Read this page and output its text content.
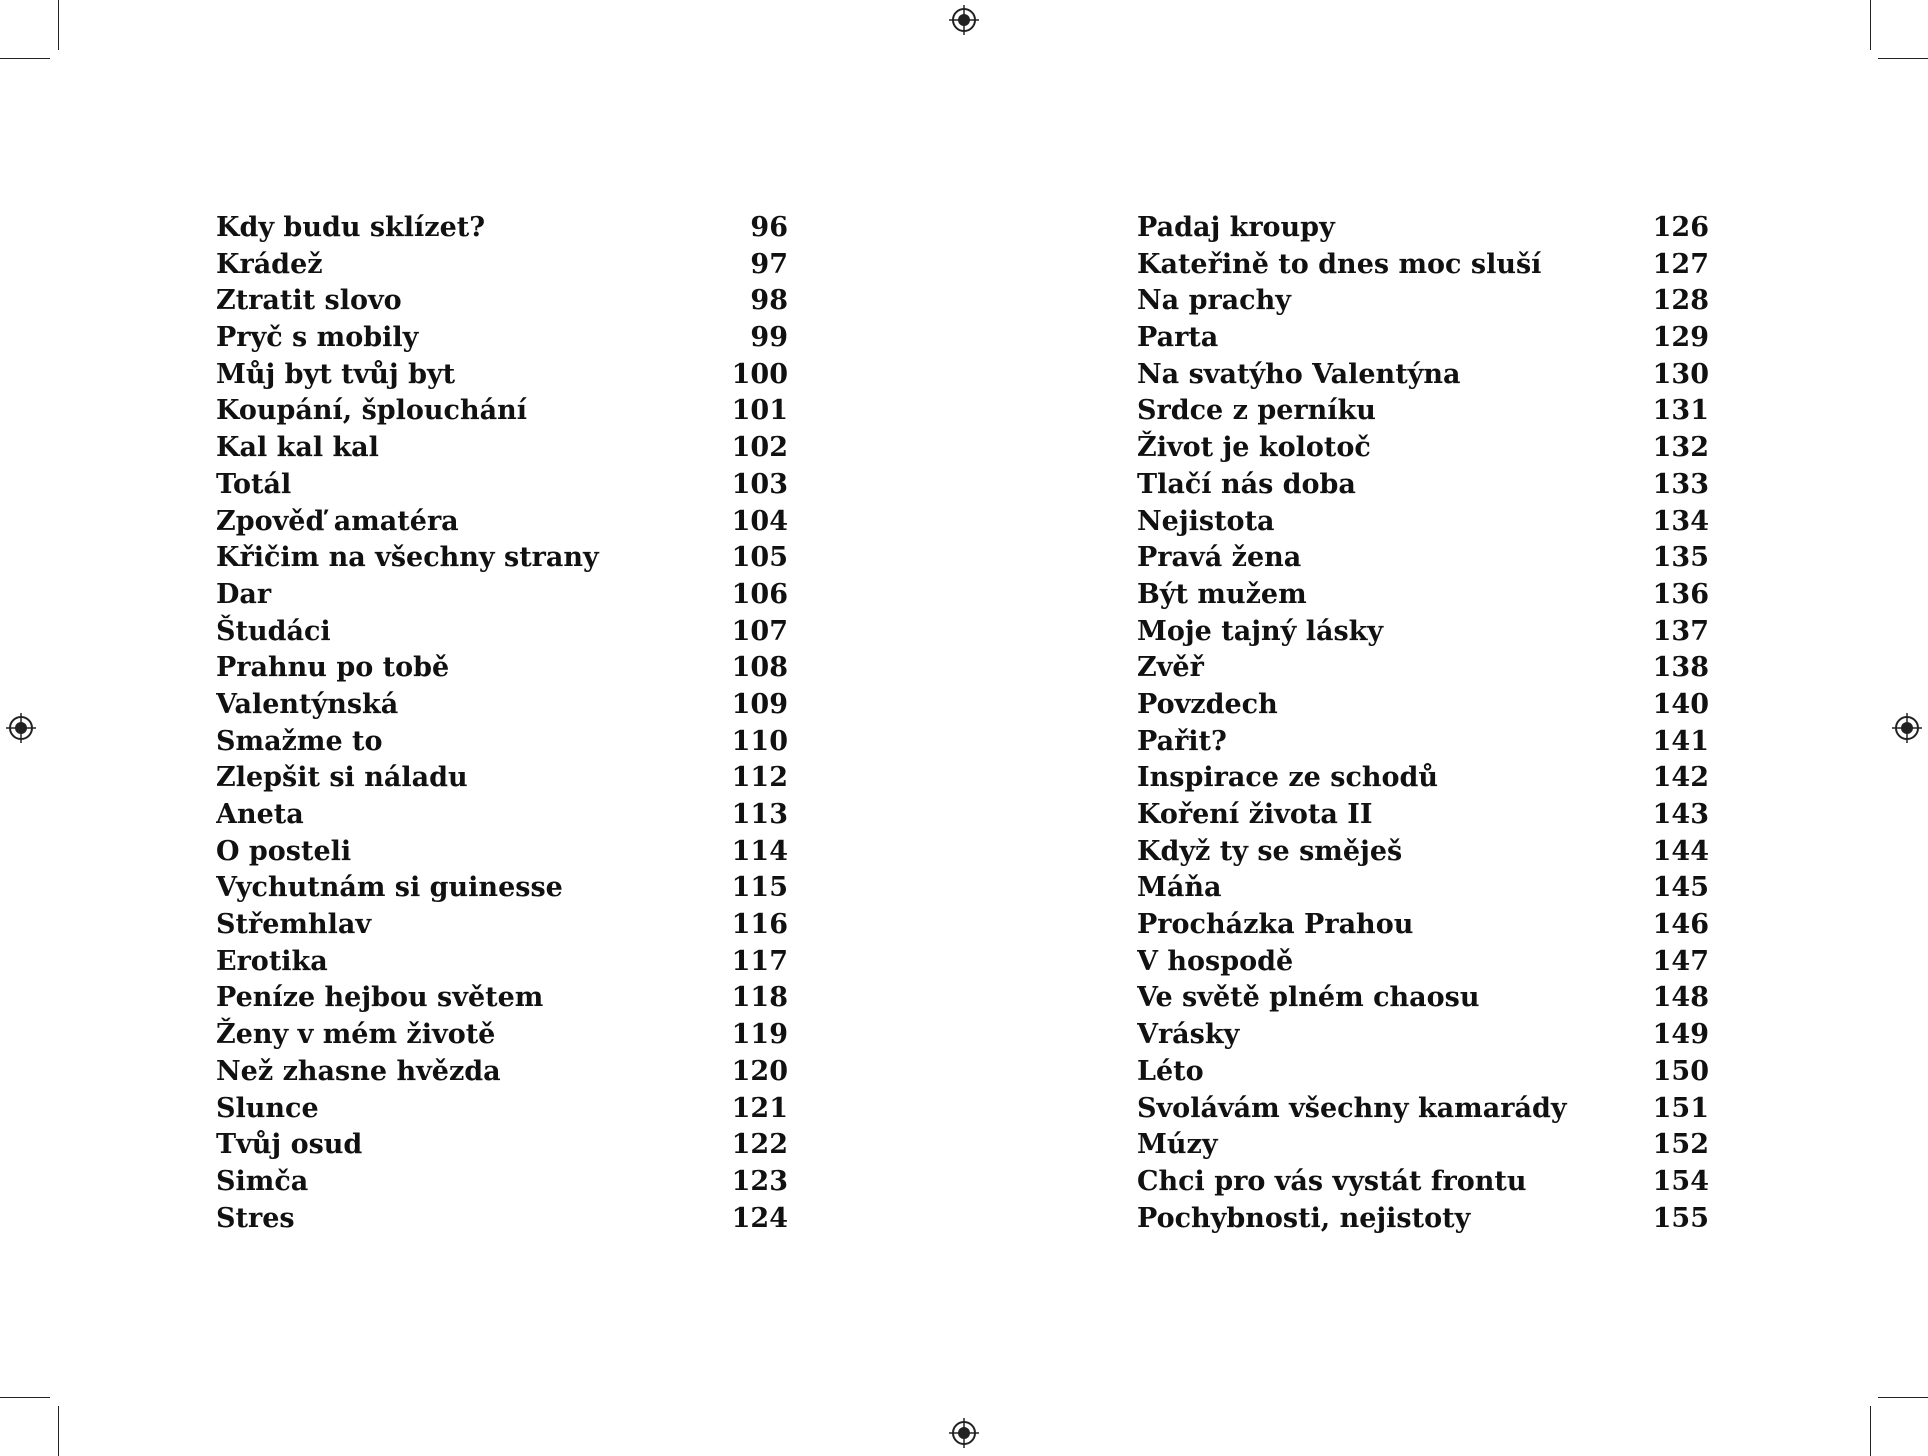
Kdy budu sklízet?	96
Krádež	97
Ztratit slovo	98
Pryč s mobily	99
Můj byt tvůj byt	100
Koupání, šplouchání	101
Kal kal kal	102
Totál	103
Zpověď amatéra	104
Křičim na všechny strany	105
Dar	106
Študáci	107
Prahnu po tobě	108
Valentýnská	109
Smažme to	110
Zlepšit si náladu	112
Aneta	113
O posteli	114
Vychutnám si guinesse	115
Střemhlav	116
Erotika	117
Peníze hejbou světem	118
Ženy v mém životě	119
Než zhasne hvězda	120
Slunce	121
Tvůj osud	122
Simča	123
Stres	124
Padaj kroupy	126
Kateřině to dnes moc sluší	127
Na prachy	128
Parta	129
Na svatýho Valentýna	130
Srdce z perníku	131
Život je kolotoč	132
Tlačí nás doba	133
Nejistota	134
Pravá žena	135
Být mužem	136
Moje tajný lásky	137
Zvěř	138
Povzdech	140
Pařit?	141
Inspirace ze schodů	142
Koření života II	143
Když ty se směješ	144
Máňa	145
Procházka Prahou	146
V hospodě	147
Ve světě plném chaosu	148
Vrásky	149
Léto	150
Svolávám všechny kamarády	151
Múzy	152
Chci pro vás vystát frontu	154
Pochybnosti, nejistoty	155
